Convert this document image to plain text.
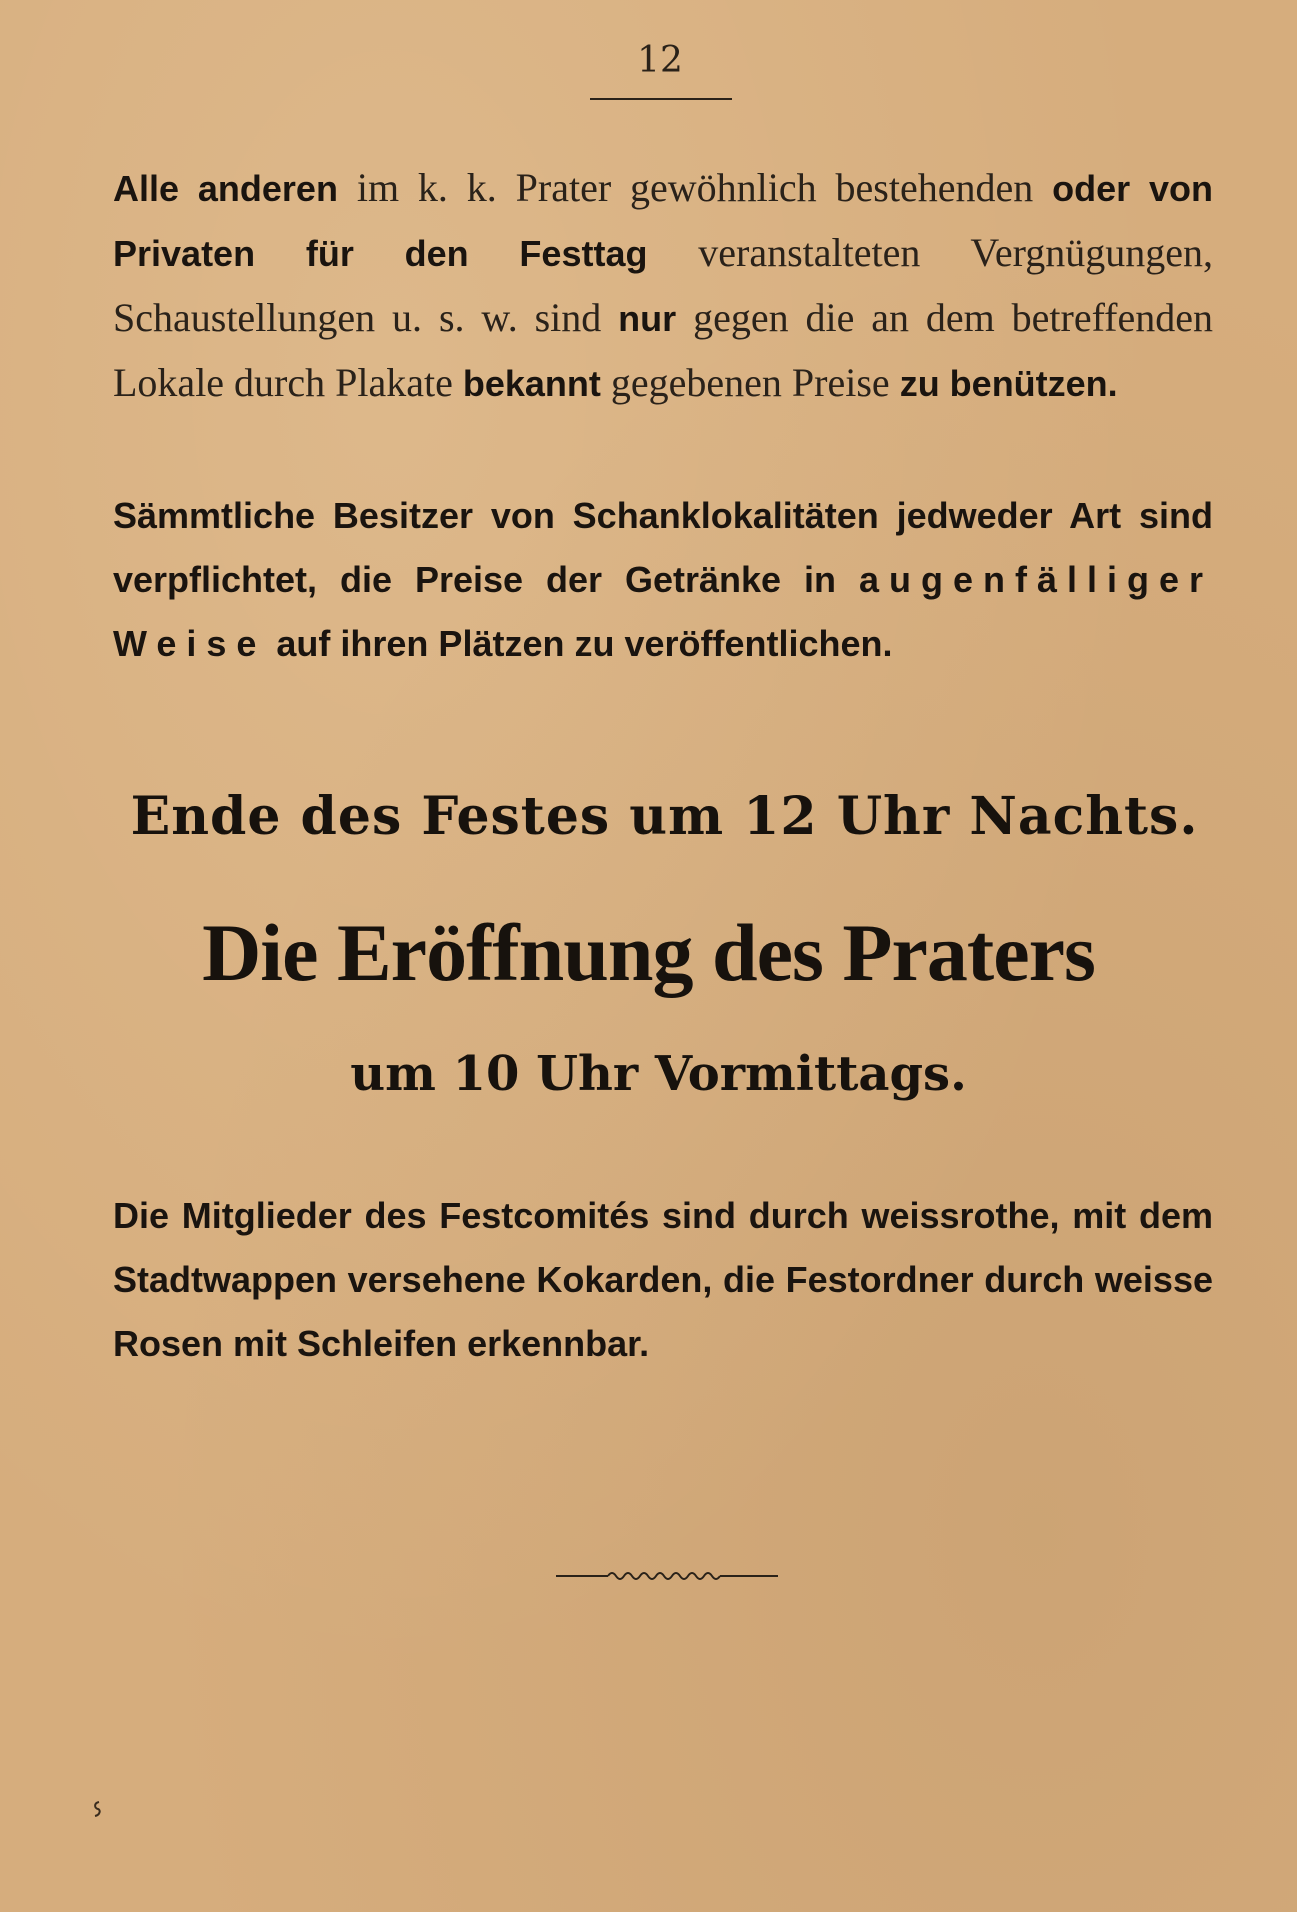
12

Alle anderen im k. k. Prater gewöhnlich bestehenden oder von Privaten für den Festtag veranstalteten Vergnügungen, Schaustellungen u. s. w. sind nur gegen die an dem betreffenden Lokale durch Plakate bekannt gegebenen Preise zu benützen.

Sämmtliche Besitzer von Schanklokalitäten jedweder Art sind verpflichtet, die Preise der Getränke in augenfälliger Weise auf ihren Plätzen zu veröffentlichen.

Ende des Festes um 12 Uhr Nachts.
Die Eröffnung des Praters
um 10 Uhr Vormittags.

Die Mitglieder des Festcomités sind durch weissrothe, mit dem Stadtwappen versehene Kokarden, die Festordner durch weisse Rosen mit Schleifen erkennbar.
